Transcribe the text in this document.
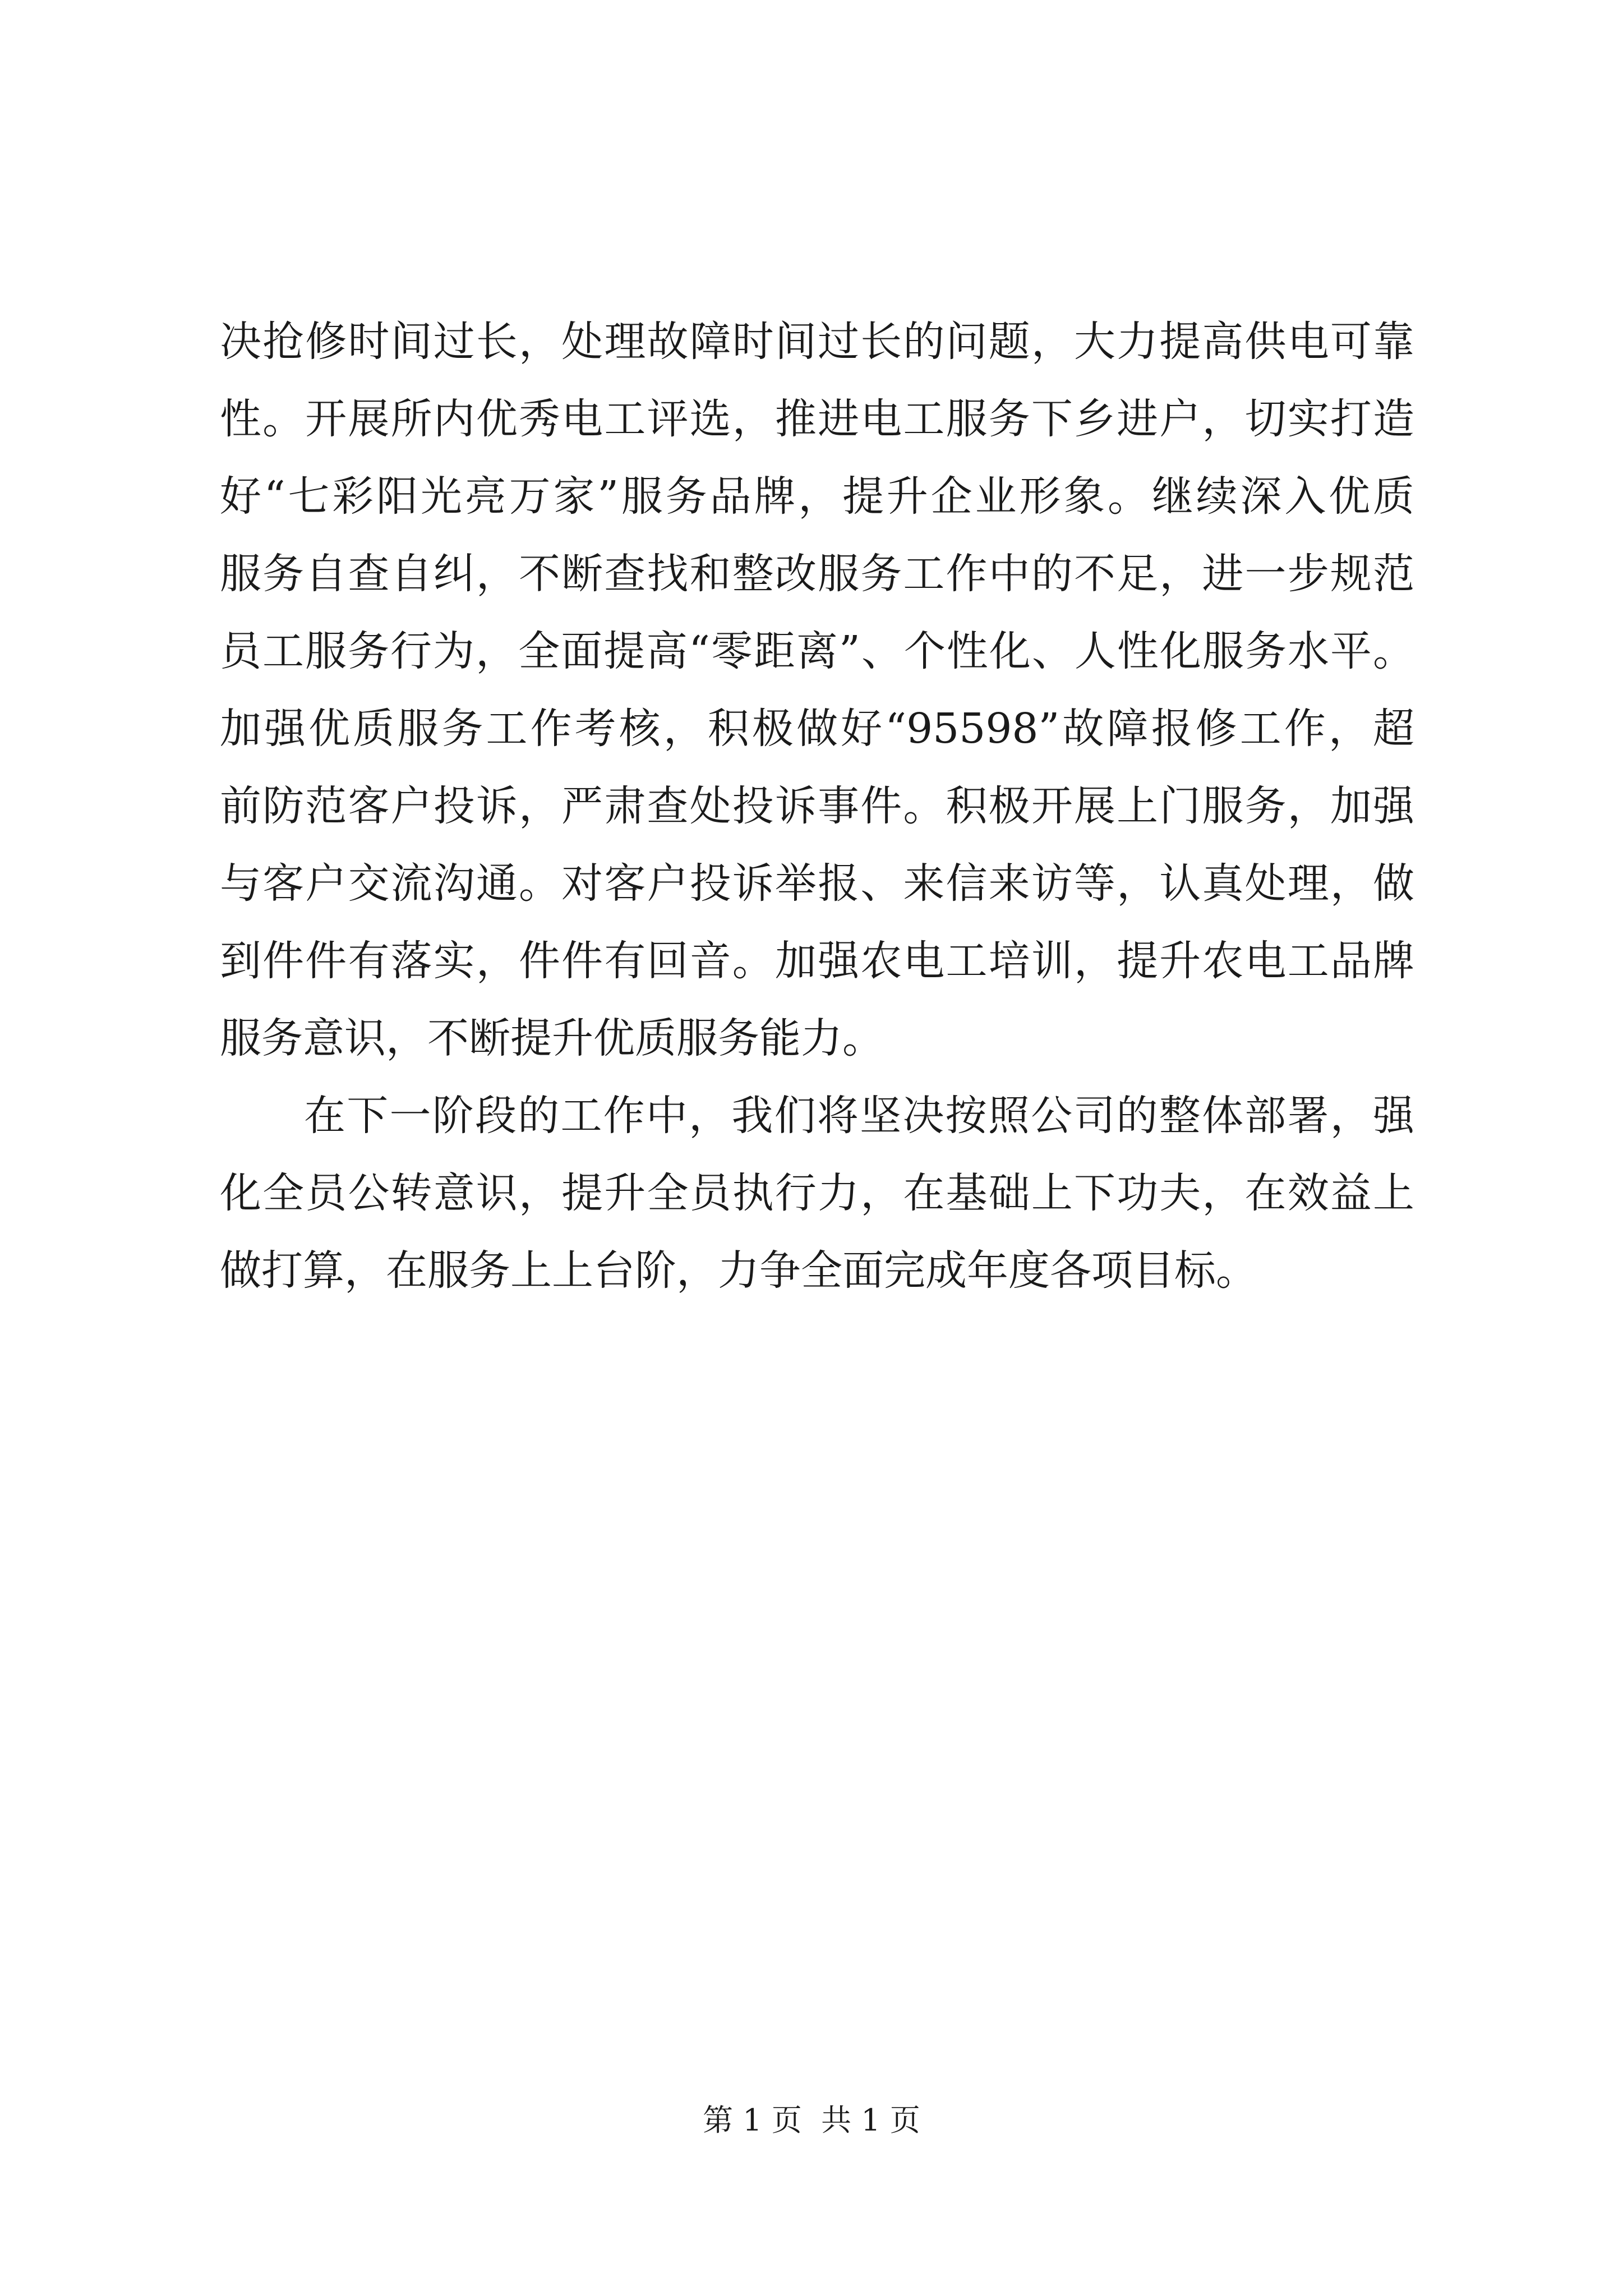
决抢修时间过长，处理故障时间过长的问题，大力提高供电可靠
性。开展所内优秀电工评选，推进电工服务下乡进户，切实打造
好“七彩阳光亮万家”服务品牌，提升企业形象。继续深入优质
服务自查自纠，不断查找和整改服务工作中的不足，进一步规范
员工服务行为，全面提高“零距离”、个性化、人性化服务水平。
加强优质服务工作考核，积极做好“95598”故障报修工作，超
前防范客户投诉，严肃查处投诉事件。积极开展上门服务，加强
与客户交流沟通。对客户投诉举报、来信来访等，认真处理，做
到件件有落实，件件有回音。加强农电工培训，提升农电工品牌
服务意识，不断提升优质服务能力。
在下一阶段的工作中，我们将坚决按照公司的整体部署，强
化全员公转意识，提升全员执行力，在基础上下功夫，在效益上
做打算，在服务上上台阶，力争全面完成年度各项目标。
第 1 页  共 1 页
